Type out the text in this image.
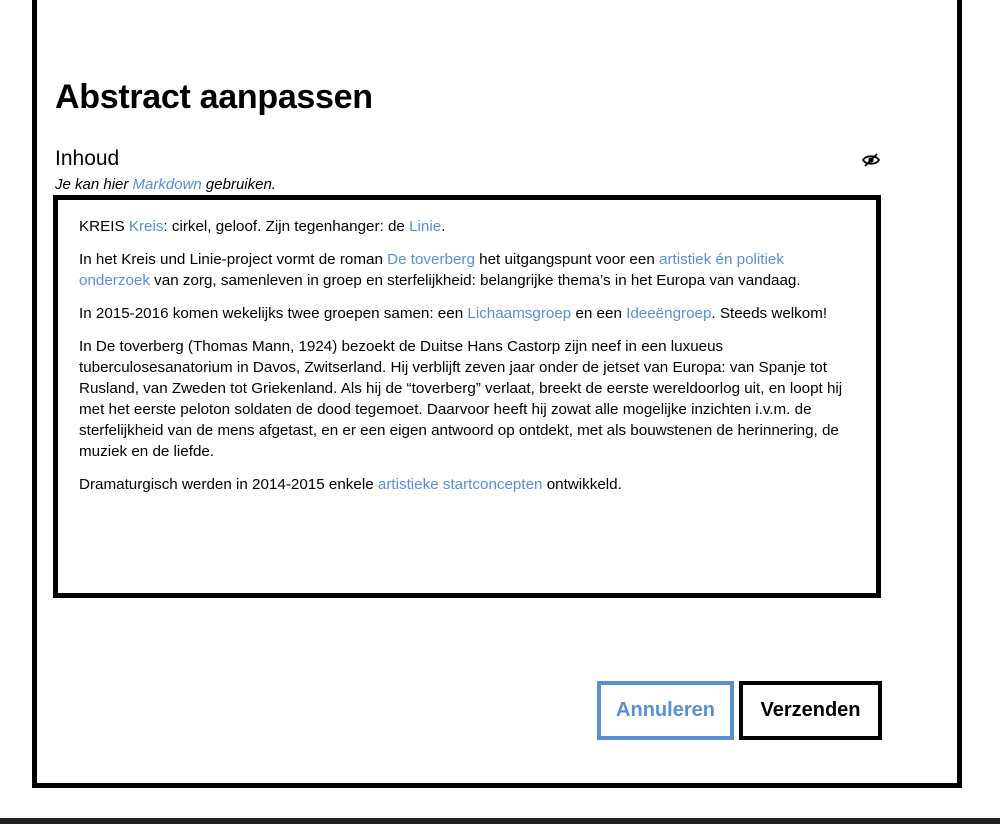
Abstract aanpassen
Inhoud
Je kan hier Markdown gebruiken.

KREIS Kreis: cirkel, geloof. Zijn tegenhanger: de Linie.

In het Kreis und Linie-project vormt de roman De toverberg het uitgangspunt voor een artistiek én politiek onderzoek van zorg, samenleven in groep en sterfelijkheid: belangrijke thema’s in het Europa van vandaag.

In 2015-2016 komen wekelijks twee groepen samen: een Lichaamsgroep en een Ideeëngroep. Steeds welkom!

In De toverberg (Thomas Mann, 1924) bezoekt de Duitse Hans Castorp zijn neef in een luxueus tuberculosesanatorium in Davos, Zwitserland. Hij verblijft zeven jaar onder de jetset van Europa: van Spanje tot Rusland, van Zweden tot Griekenland. Als hij de “toverberg” verlaat, breekt de eerste wereldoorlog uit, en loopt hij met het eerste peloton soldaten de dood tegemoet. Daarvoor heeft hij zowat alle mogelijke inzichten i.v.m. de sterfelijkheid van de mens afgetast, en er een eigen antwoord op ontdekt, met als bouwstenen de herinnering, de muziek en de liefde.

Dramaturgisch werden in 2014-2015 enkele artistieke startconcepten ontwikkeld.

Annuleren	Verzenden
